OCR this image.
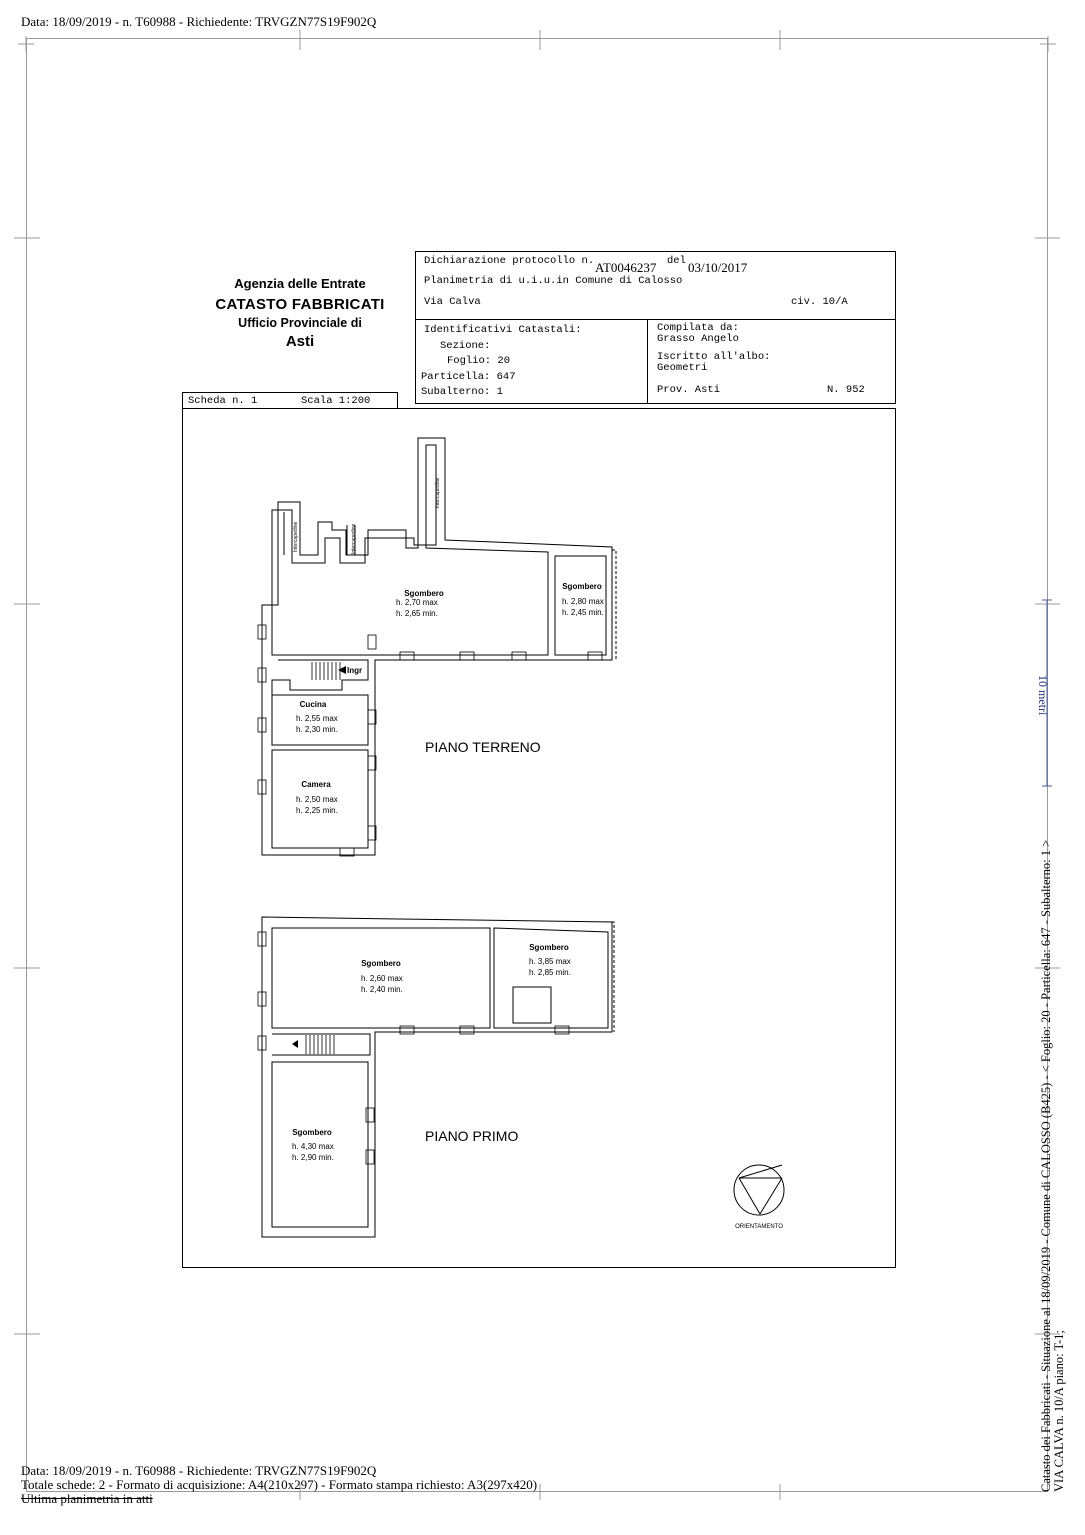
Data: 18/09/2019 - n. T60988 - Richiedente: TRVGZN77S19F902Q
Agenzia delle Entrate
CATASTO FABBRICATI
Ufficio Provinciale di
Asti
Dichiarazione protocollo n. AT0046237 del 03/10/2017
Planimetria di u.i.u.in Comune di Calosso
Via Calva	civ. 10/A
Identificativi Catastali:
Sezione:
Foglio: 20
Particella: 647
Subalterno: 1
Compilata da:
Grasso Angelo
Iscritto all'albo:
Geometri
Prov. Asti	N. 952
Scheda n. 1	Scala 1:200
Sgombero
h. 2,70 max
h. 2,65 min.
Sgombero
h. 2,80 max
h. 2,45 min.
Ingr
Cucina
h. 2,55 max
h. 2,30 min.
Camera
h. 2,50 max
h. 2,25 min.
Sgombero
h. 2,60 max
h. 2,40 min.
Sgombero
h. 3,85 max
h. 2,85 min.
Sgombero
h. 4,30 max
h. 2,90 min.
Intercapedine	Intercapedine
Intercapedine
PIANO TERRENO
PIANO PRIMO
ORIENTAMENTO
10 metri
Catasto dei Fabbricati - Situazione al 18/09/2019 - Comune di CALOSSO (B425) - < Foglio: 20 - Particella: 647 - Subalterno: 1 > VIA CALVA n. 10/A piano: T-1;
Data: 18/09/2019 - n. T60988 - Richiedente: TRVGZN77S19F902Q
Totale schede: 2 - Formato di acquisizione: A4(210x297) - Formato stampa richiesto: A3(297x420)
Ultima planimetria in atti
